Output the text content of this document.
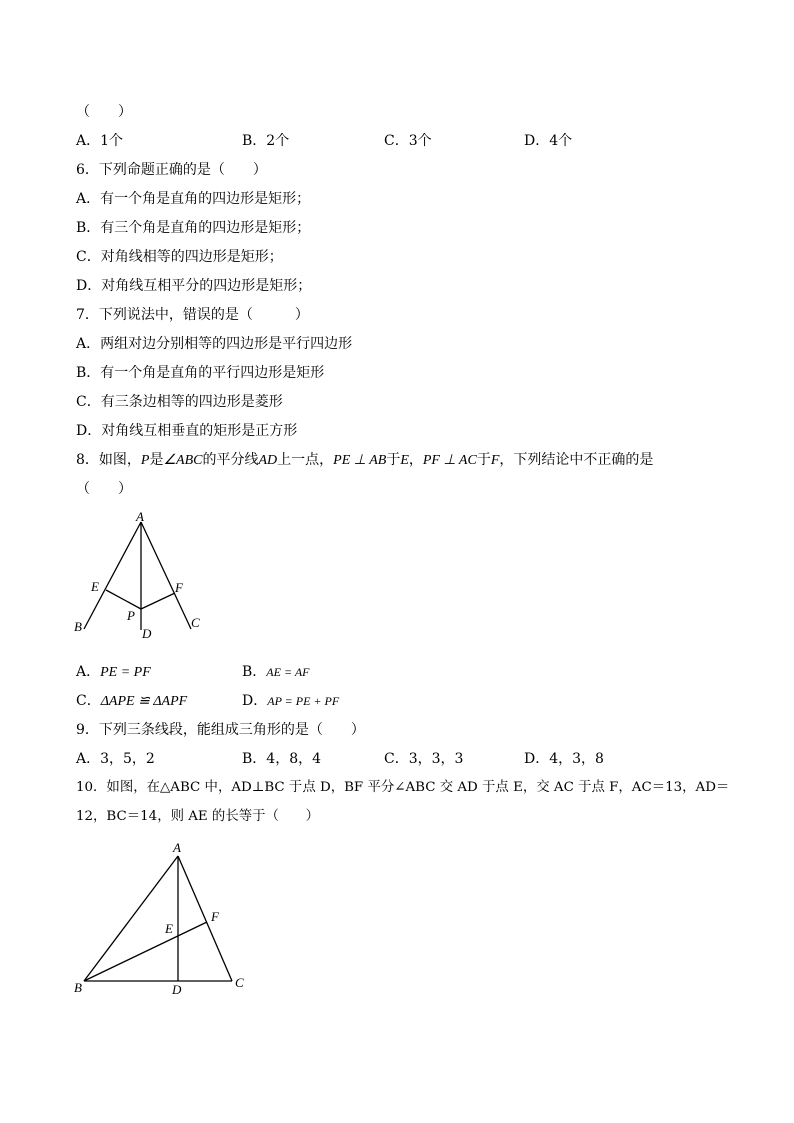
（　　）
A．1个	B．2个	C．3个	D．4个
6．下列命题正确的是（　　）
A．有一个角是直角的四边形是矩形；
B．有三个角是直角的四边形是矩形；
C．对角线相等的四边形是矩形；
D．对角线互相平分的四边形是矩形；
7．下列说法中，错误的是（　　　）
A．两组对边分别相等的四边形是平行四边形
B．有一个角是直角的平行四边形是矩形
C．有三条边相等的四边形是菱形
D．对角线互相垂直的矩形是正方形
8．如图，P是∠ABC的平分线AD上一点，PE ⊥ AB于E，PF ⊥ AC于F，下列结论中不正确的是
（　　）
A
E	F
P
B	D
C
A．PE = PF	B．AE = AF
C．ΔAPE ≌ ΔAPF	D．AP = PE + PF
9．下列三条线段，能组成三角形的是（　　）
A．3，5，2	B．4，8，4	C．3，3，3	D．4，3，8
10．如图，在△ABC 中，AD⊥BC 于点 D，BF 平分∠ABC 交 AD 于点 E，交 AC 于点 F，AC＝13，AD＝
12，BC＝14，则 AE 的长等于（　　）
A
F
E
B	D	C
